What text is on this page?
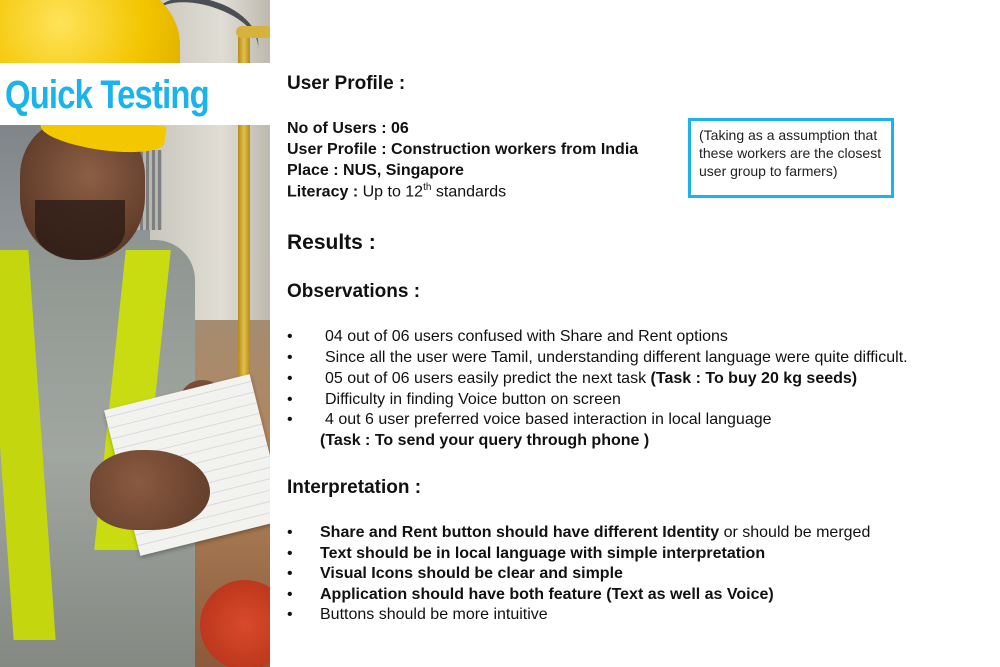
Quick Testing	User Profile :
No of Users : 06
User Profile : Construction workers from India
Place : NUS, Singapore
Literacy : Up to 12th standards
(Taking as a assumption that these workers are the closest user group to farmers)
Results :
Observations :
• 04 out of 06 users confused with Share and Rent options
• Since all the user were Tamil, understanding different language were quite difficult.
• 05 out of 06 users easily predict the next task (Task : To buy 20 kg seeds)
• Difficulty in finding Voice button on screen
• 4 out 6 user preferred voice based interaction in local language
(Task : To send your query through phone )
Interpretation :
• Share and Rent button should have different Identity or should be merged
• Text should be in local language with simple interpretation
• Visual Icons should be clear and simple
• Application should have both feature (Text as well as Voice)
• Buttons should be more intuitive
